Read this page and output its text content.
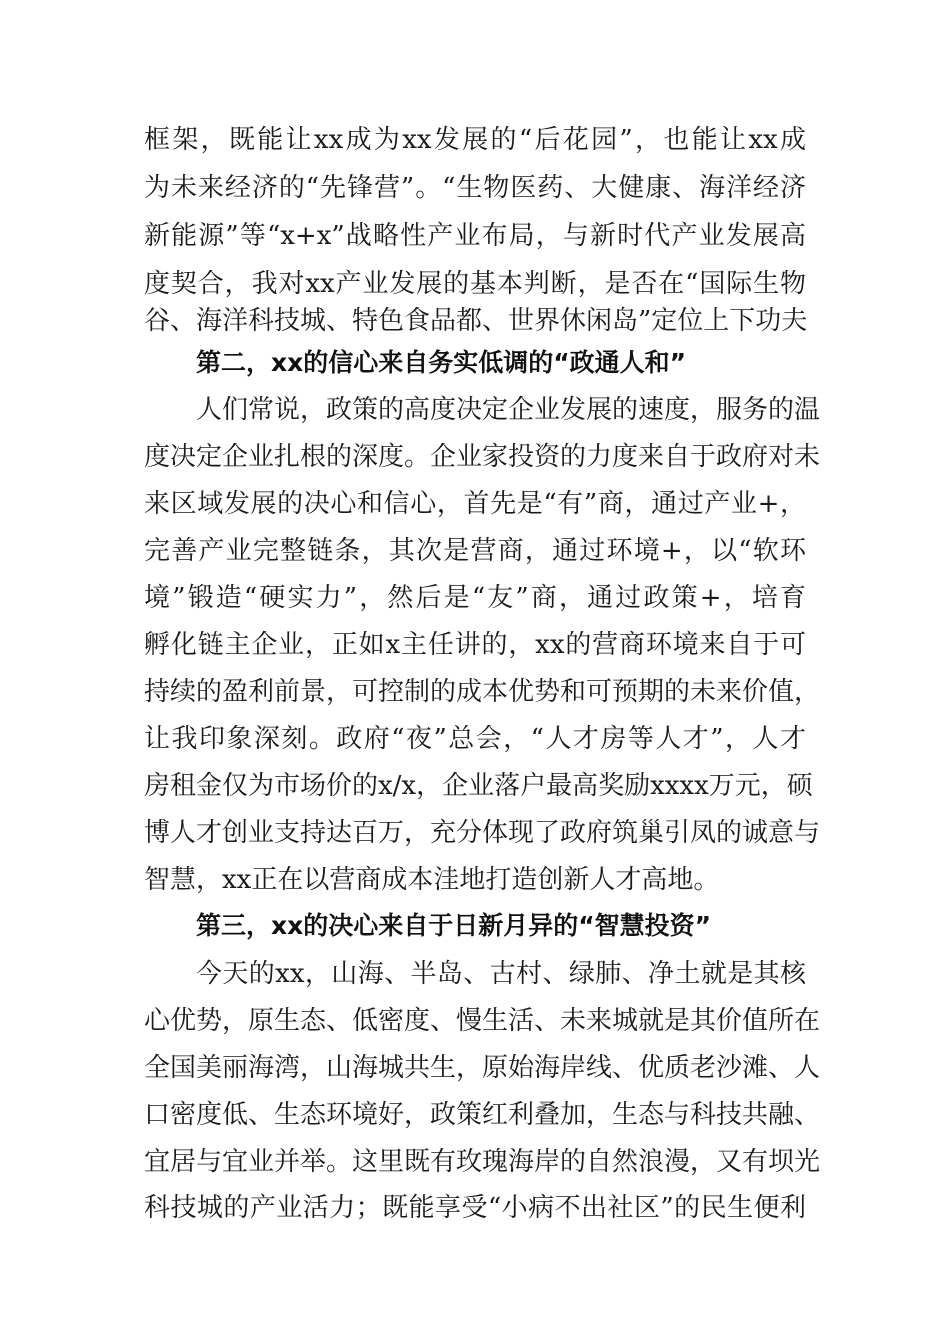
框架，既能让xx成为xx发展的“后花园”，也能让xx成
为未来经济的“先锋营”。“生物医药、大健康、海洋经济
新能源”等“x+x”战略性产业布局，与新时代产业发展高
度契合，我对xx产业发展的基本判断，是否在“国际生物
谷、海洋科技城、特色食品都、世界休闲岛”定位上下功夫
第二，xx的信心来自务实低调的“政通人和”
人们常说，政策的高度决定企业发展的速度，服务的温
度决定企业扎根的深度。企业家投资的力度来自于政府对未
来区域发展的决心和信心，首先是“有”商，通过产业+，
完善产业完整链条，其次是营商，通过环境+，以“软环
境”锻造“硬实力”，然后是“友”商，通过政策+，培育
孵化链主企业，正如x主任讲的，xx的营商环境来自于可
持续的盈利前景，可控制的成本优势和可预期的未来价值，
让我印象深刻。政府“夜”总会，“人才房等人才”，人才
房租金仅为市场价的x/x，企业落户最高奖励xxxx万元，硕
博人才创业支持达百万，充分体现了政府筑巢引凤的诚意与
智慧，xx正在以营商成本洼地打造创新人才高地。
第三，xx的决心来自于日新月异的“智慧投资”
今天的xx，山海、半岛、古村、绿肺、净土就是其核
心优势，原生态、低密度、慢生活、未来城就是其价值所在
全国美丽海湾，山海城共生，原始海岸线、优质老沙滩、人
口密度低、生态环境好，政策红利叠加，生态与科技共融、
宜居与宜业并举。这里既有玫瑰海岸的自然浪漫，又有坝光
科技城的产业活力；既能享受“小病不出社区”的民生便利
